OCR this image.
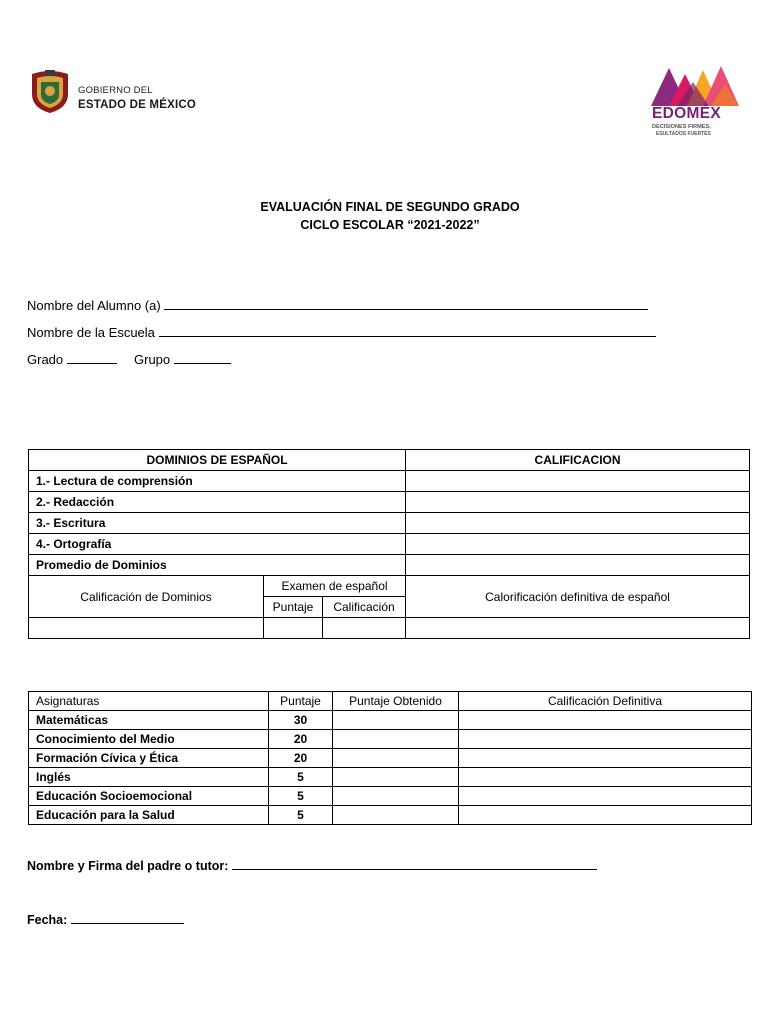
GOBIERNO DEL
ESTADO DE MÉXICO	EDOMÉX
DECISIONES FIRMES,
ESULTADOS FUERTES
EVALUACIÓN FINAL DE SEGUNDO GRADO
CICLO ESCOLAR “2021-2022”
Nombre del Alumno (a)
Nombre de la Escuela
Grado	Grupo
DOMINIOS DE ESPAÑOL			CALIFICACION
1.- Lectura de comprensión			
2.- Redacción			
3.- Escritura			
4.- Ortografía			
Promedio de Dominios			
Calificación de Dominios	Examen de español		Calorificación definitiva de español
	Puntaje	Calificación	

Asignaturas	Puntaje	Puntaje Obtenido	Calificación Definitiva
Matemáticas	30		
Conocimiento del Medio	20		
Formación Cívica y Ética	20		
Inglés	5		
Educación Socioemocional	5		
Educación para la Salud	5		
Nombre y Firma del padre o tutor:
Fecha:
